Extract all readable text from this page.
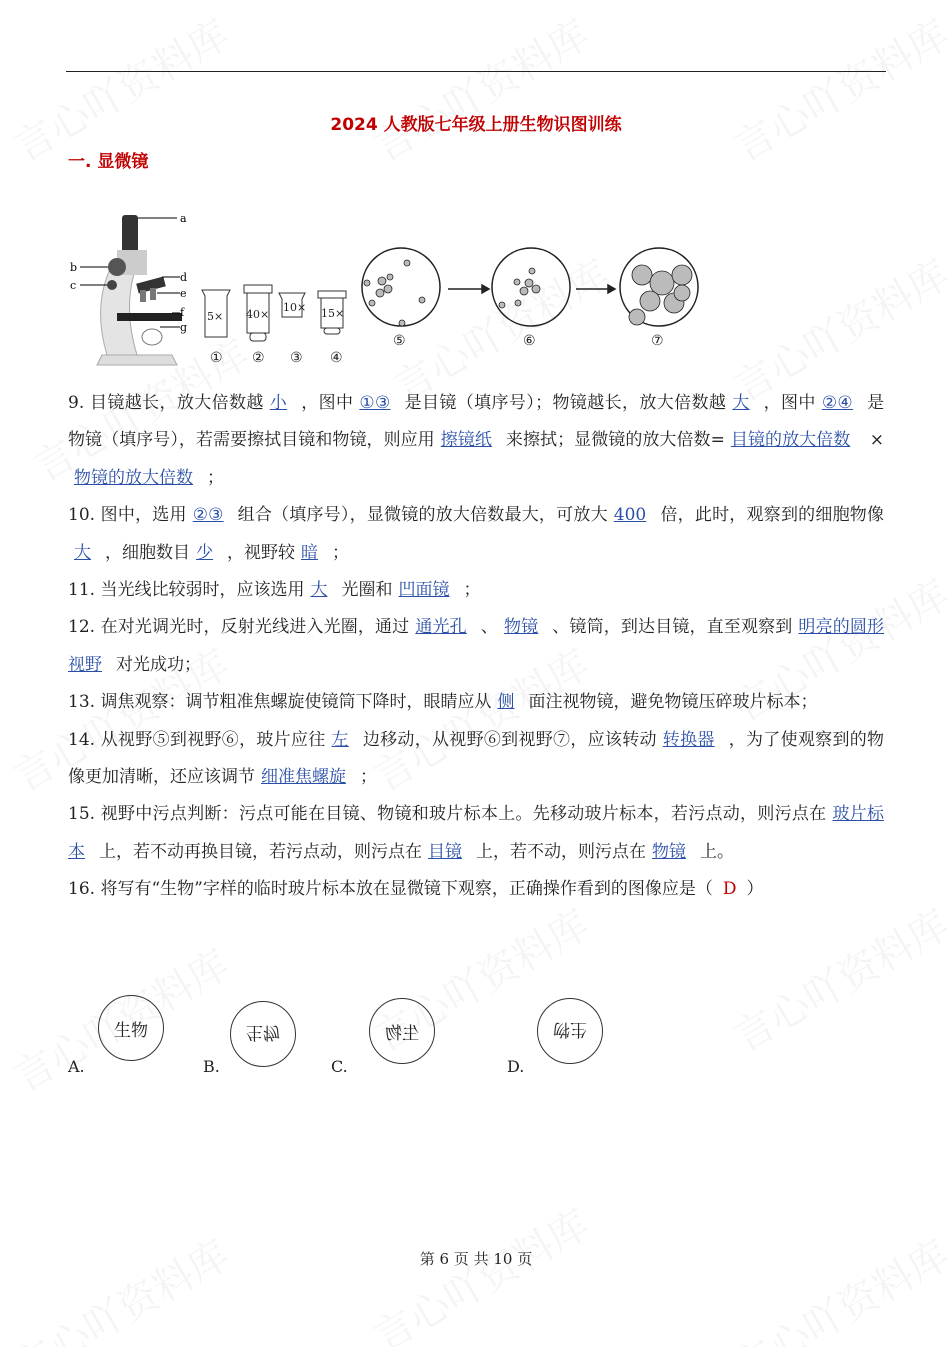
2024 人教版七年级上册生物识图训练
一. 显微镜
a
b
c
d
e
f
g
5× 40×
10× 15×
① ② ③ ④
⑤	⑥	⑦

9. 目镜越长，放大倍数越 小 ，图中 ①③ 是目镜（填序号）；物镜越长，放大倍数越 大 ，图中 ②④ 是物镜（填序号），若需要擦拭目镜和物镜，则应用 擦镜纸 来擦拭；显微镜的放大倍数= 目镜的放大倍数 × 物镜的放大倍数 ；

10. 图中，选用 ②③ 组合（填序号），显微镜的放大倍数最大，可放大 400 倍，此时，观察到的细胞物像大 ，细胞数目 少 ，视野较 暗 ；

11. 当光线比较弱时，应该选用 大 光圈和 凹面镜 ；

12. 在对光调光时，反射光线进入光圈，通过 通光孔 、 物镜 、镜筒，到达目镜，直至观察到 明亮的圆形视野 对光成功；

13. 调焦观察：调节粗准焦螺旋使镜筒下降时，眼睛应从 侧 面注视物镜，避免物镜压碎玻片标本；

14. 从视野⑤到视野⑥，玻片应往 左 边移动，从视野⑥到视野⑦，应该转动 转换器 ，为了使观察到的物像更加清晰，还应该调节 细准焦螺旋 ；

15. 视野中污点判断：污点可能在目镜、物镜和玻片标本上。先移动玻片标本，若污点动，则污点在 玻片标本 上，若不动再换目镜，若污点动，则污点在 目镜 上，若不动，则污点在 物镜 上。

16. 将写有“生物”字样的临时玻片标本放在显微镜下观察，正确操作看到的图像应是（ D ）

生物	生物	生物	生物
A.	B.	C.	D.
第 6 页 共 10 页
